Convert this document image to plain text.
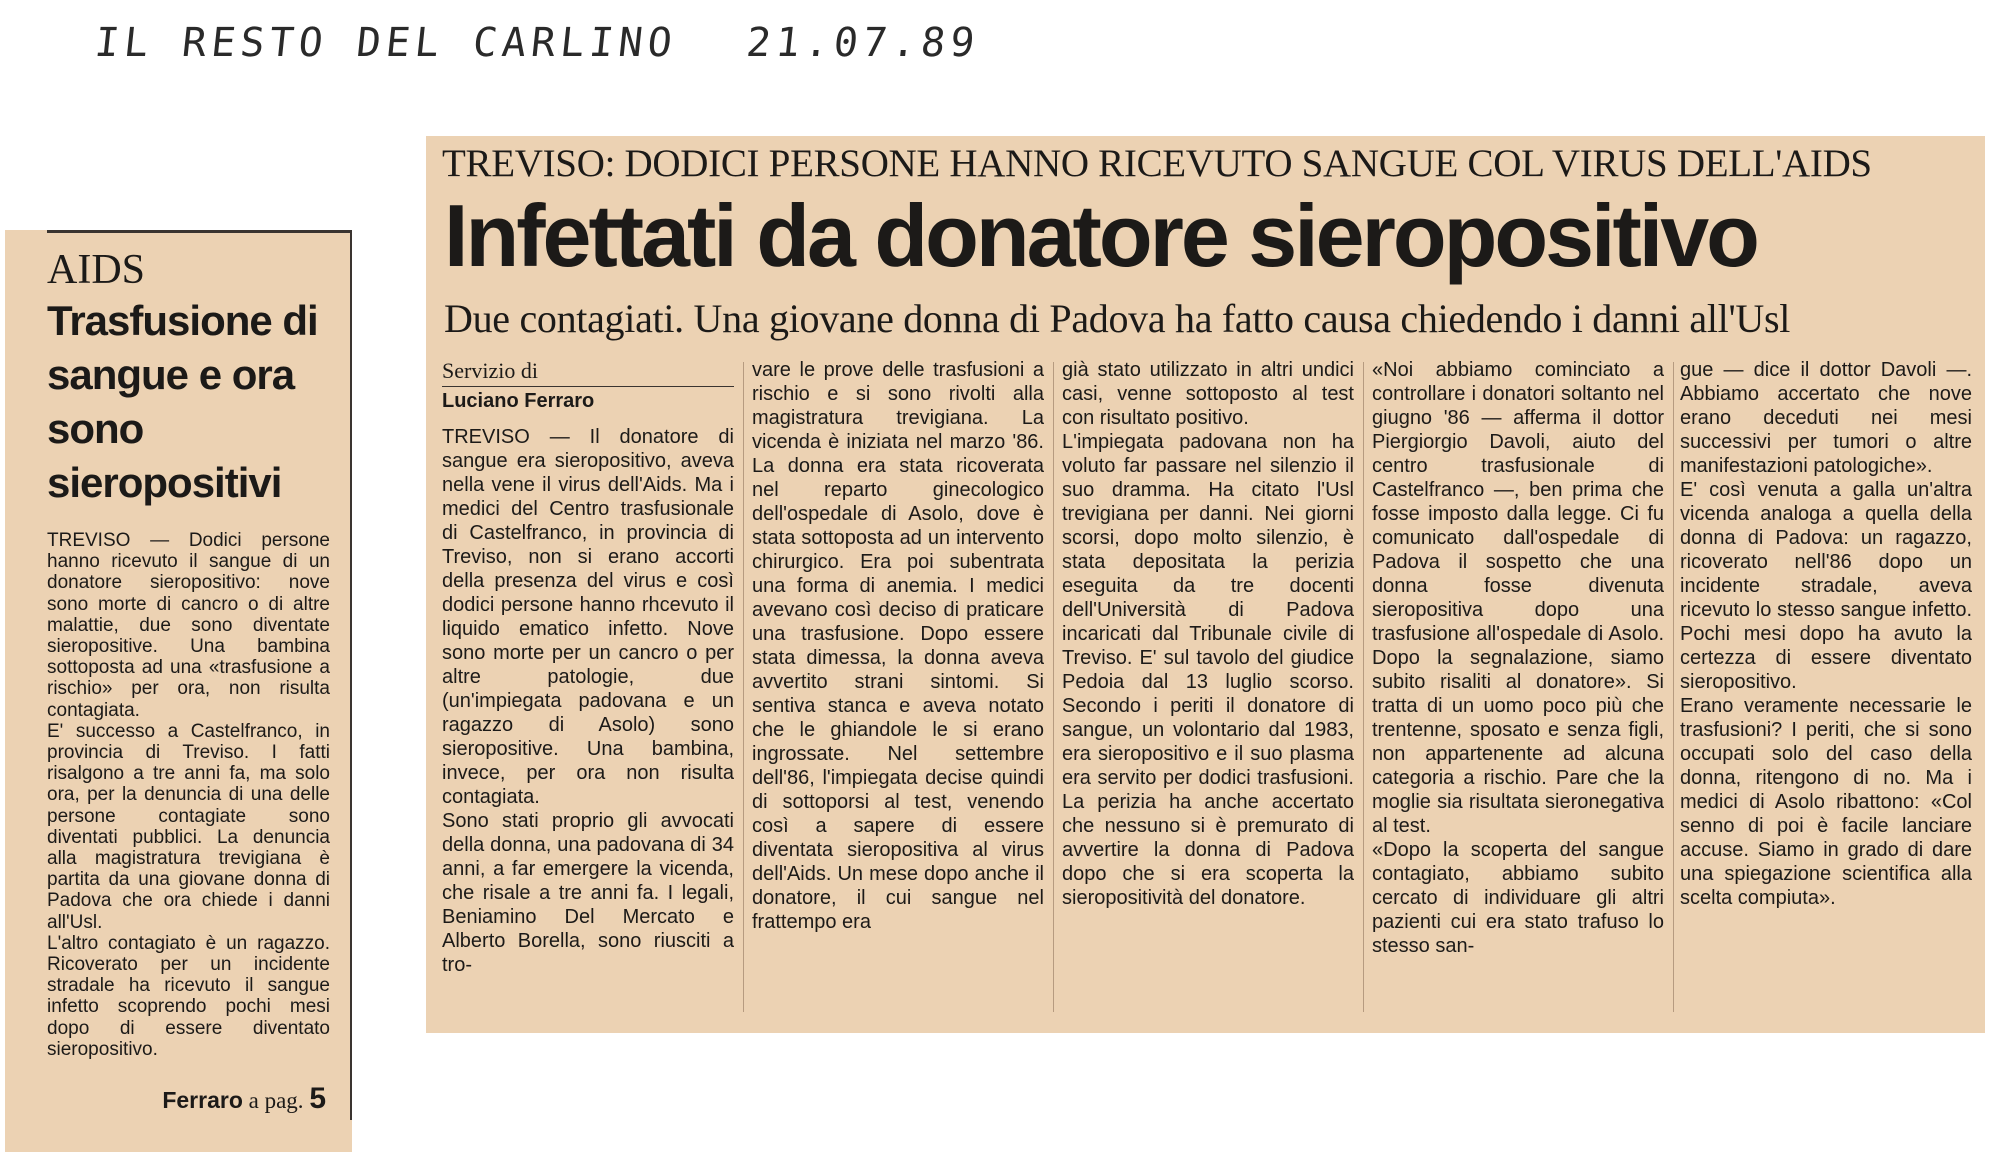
IL RESTO DEL CARLINO 21.07.89
AIDS
Trasfusione di sangue e ora sono sieropositivi

TREVISO — Dodici persone hanno ricevuto il sangue di un donatore sieropositivo: nove sono morte di cancro o di altre malattie, due sono diventate sieropositive. Una bambina sottoposta ad una «trasfusione a rischio» per ora, non risulta contagiata.

E' successo a Castelfranco, in provincia di Treviso. I fatti risalgono a tre anni fa, ma solo ora, per la denuncia di una delle persone contagiate sono diventati pubblici. La denuncia alla magistratura trevigiana è partita da una giovane donna di Padova che ora chiede i danni all'Usl.

L'altro contagiato è un ragazzo. Ricoverato per un incidente stradale ha ricevuto il sangue infetto scoprendo pochi mesi dopo di essere diventato sieropositivo.

Ferraro a pag. 5
TREVISO: DODICI PERSONE HANNO RICEVUTO SANGUE COL VIRUS DELL'AIDS
Infettati da donatore sieropositivo
Due contagiati. Una giovane donna di Padova ha fatto causa chiedendo i danni all'Usl
Servizio di
Luciano Ferraro

TREVISO — Il donatore di sangue era sieropositivo, aveva nella vene il virus dell'Aids. Ma i medici del Centro trasfusionale di Castelfranco, in provincia di Treviso, non si erano accorti della presenza del virus e così dodici persone hanno rhcevuto il liquido ematico infetto. Nove sono morte per un cancro o per altre patologie, due (un'impiegata padovana e un ragazzo di Asolo) sono sieropositive. Una bambina, invece, per ora non risulta contagiata.

Sono stati proprio gli avvocati della donna, una padovana di 34 anni, a far emergere la vicenda, che risale a tre anni fa. I legali, Beniamino Del Mercato e Alberto Borella, sono riusciti a tro-

vare le prove delle trasfusioni a rischio e si sono rivolti alla magistratura trevigiana. La vicenda è iniziata nel marzo '86. La donna era stata ricoverata nel reparto ginecologico dell'ospedale di Asolo, dove è stata sottoposta ad un intervento chirurgico. Era poi subentrata una forma di anemia. I medici avevano così deciso di praticare una trasfusione. Dopo essere stata dimessa, la donna aveva avvertito strani sintomi. Si sentiva stanca e aveva notato che le ghiandole le si erano ingrossate. Nel settembre dell'86, l'impiegata decise quindi di sottoporsi al test, venendo così a sapere di essere diventata sieropositiva al virus dell'Aids. Un mese dopo anche il donatore, il cui sangue nel frattempo era

già stato utilizzato in altri undici casi, venne sottoposto al test con risultato positivo.

L'impiegata padovana non ha voluto far passare nel silenzio il suo dramma. Ha citato l'Usl trevigiana per danni. Nei giorni scorsi, dopo molto silenzio, è stata depositata la perizia eseguita da tre docenti dell'Università di Padova incaricati dal Tribunale civile di Treviso. E' sul tavolo del giudice Pedoia dal 13 luglio scorso. Secondo i periti il donatore di sangue, un volontario dal 1983, era sieropositivo e il suo plasma era servito per dodici trasfusioni. La perizia ha anche accertato che nessuno si è premurato di avvertire la donna di Padova dopo che si era scoperta la sieropositività del donatore.

«Noi abbiamo cominciato a controllare i donatori soltanto nel giugno '86 — afferma il dottor Piergiorgio Davoli, aiuto del centro trasfusionale di Castelfranco —, ben prima che fosse imposto dalla legge. Ci fu comunicato dall'ospedale di Padova il sospetto che una donna fosse divenuta sieropositiva dopo una trasfusione all'ospedale di Asolo. Dopo la segnalazione, siamo subito risaliti al donatore». Si tratta di un uomo poco più che trentenne, sposato e senza figli, non appartenente ad alcuna categoria a rischio. Pare che la moglie sia risultata sieronegativa al test.

«Dopo la scoperta del sangue contagiato, abbiamo subito cercato di individuare gli altri pazienti cui era stato trafuso lo stesso san-

gue — dice il dottor Davoli —. Abbiamo accertato che nove erano deceduti nei mesi successivi per tumori o altre manifestazioni patologiche».

E' così venuta a galla un'altra vicenda analoga a quella della donna di Padova: un ragazzo, ricoverato nell'86 dopo un incidente stradale, aveva ricevuto lo stesso sangue infetto. Pochi mesi dopo ha avuto la certezza di essere diventato sieropositivo.

Erano veramente necessarie le trasfusioni? I periti, che si sono occupati solo del caso della donna, ritengono di no. Ma i medici di Asolo ribattono: «Col senno di poi è facile lanciare accuse. Siamo in grado di dare una spiegazione scientifica alla scelta compiuta».
